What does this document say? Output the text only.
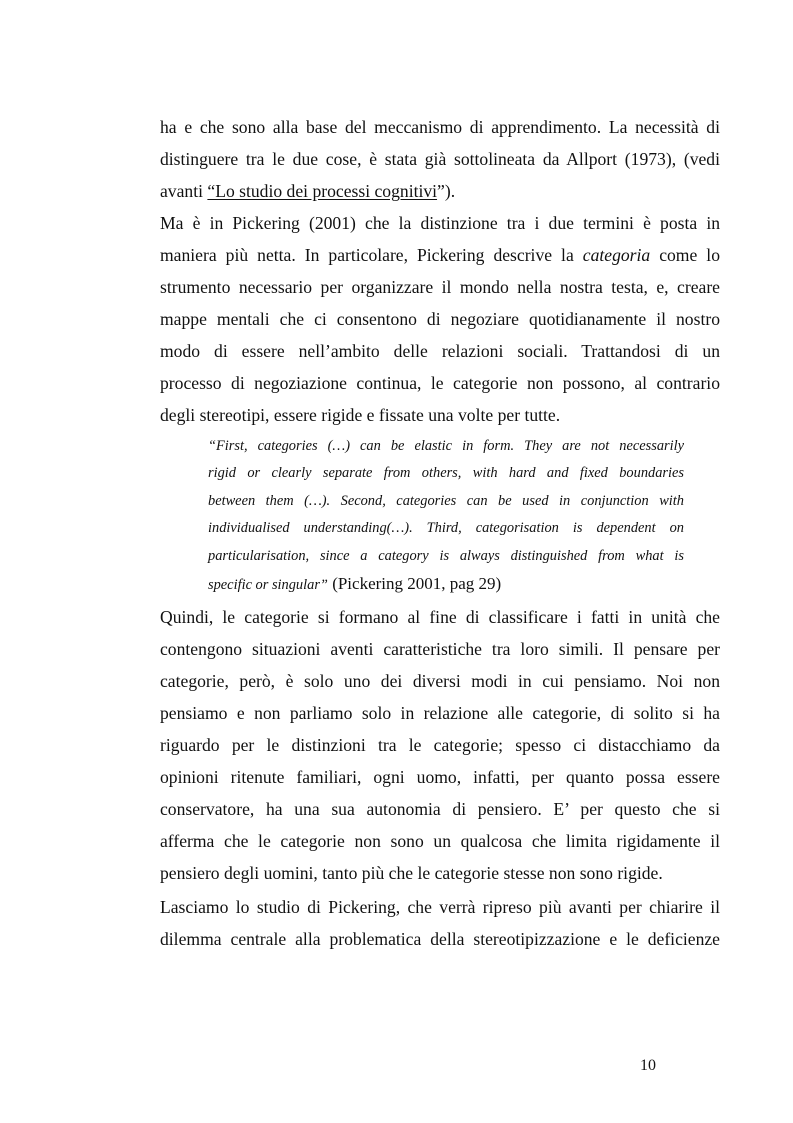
ha e che sono alla base del meccanismo di apprendimento. La necessità di
distinguere tra le due cose, è stata già sottolineata da Allport (1973), (vedi
avanti “Lo studio dei processi cognitivi”).
Ma è in Pickering (2001) che la distinzione tra i due termini è posta in
maniera più netta. In particolare, Pickering descrive la categoria come lo
strumento necessario per organizzare il mondo nella nostra testa, e, creare
mappe mentali che ci consentono di negoziare quotidianamente il nostro
modo di essere nell’ambito delle relazioni sociali. Trattandosi di un
processo di negoziazione continua, le categorie non possono, al contrario
degli stereotipi, essere rigide e fissate una volte per tutte.
“First, categories (…) can be elastic in form. They are not necessarily
rigid or clearly separate from others, with hard and fixed boundaries
between them (…). Second, categories can be used in conjunction with
individualised understanding(…). Third, categorisation is dependent on
particularisation, since a category is always distinguished from what is
specific or singular” (Pickering 2001, pag 29)
Quindi, le categorie si formano al fine di classificare i fatti in unità che
contengono situazioni aventi caratteristiche tra loro simili. Il pensare per
categorie, però, è solo uno dei diversi modi in cui pensiamo. Noi non
pensiamo e non parliamo solo in relazione alle categorie, di solito si ha
riguardo per le distinzioni tra le categorie; spesso ci distacchiamo da
opinioni ritenute familiari, ogni uomo, infatti, per quanto possa essere
conservatore, ha una sua autonomia di pensiero. E’ per questo che si
afferma che le categorie non sono un qualcosa che limita rigidamente il
pensiero degli uomini, tanto più che le categorie stesse non sono rigide.
Lasciamo lo studio di Pickering, che verrà ripreso più avanti per chiarire il
dilemma centrale alla problematica della stereotipizzazione e le deficienze
10
